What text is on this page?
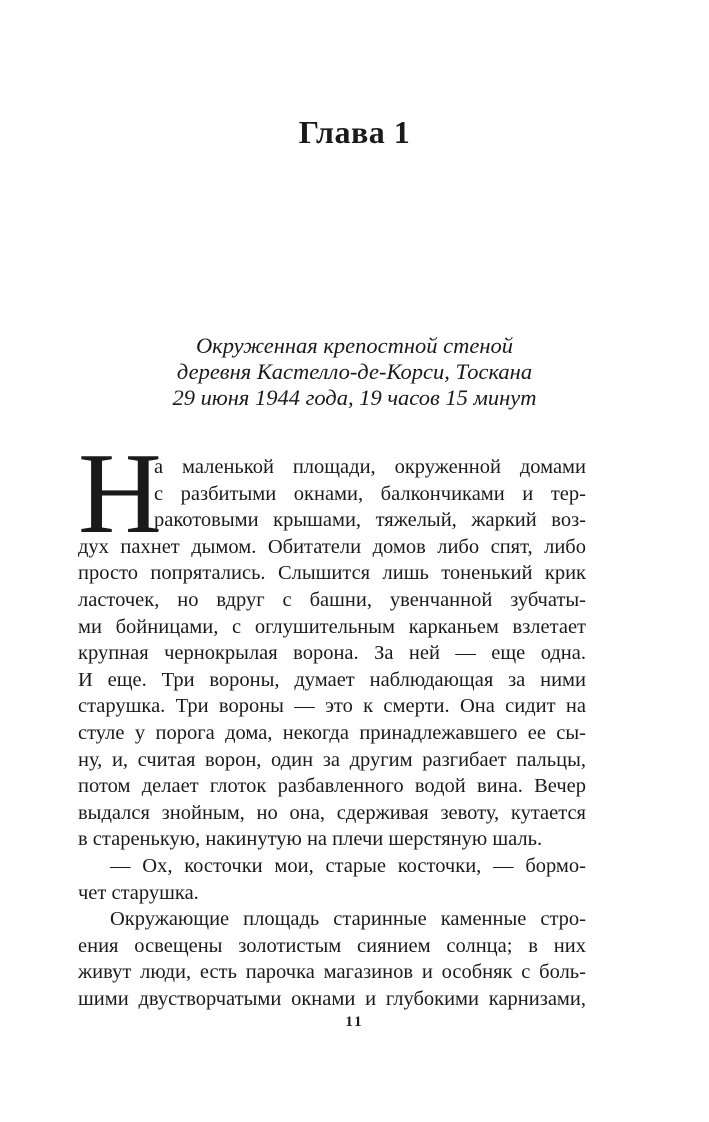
Глава 1
Окруженная крепостной стеной
деревня Кастелло-де-Корси, Тоскана
29 июня 1944 года, 19 часов 15 минут
Н
а маленькой площади, окруженной домами
с разбитыми окнами, балкончиками и тер-
ракотовыми крышами, тяжелый, жаркий воз-
дух пахнет дымом. Обитатели домов либо спят, либо
просто попрятались. Слышится лишь тоненький крик
ласточек, но вдруг с башни, увенчанной зубчаты-
ми бойницами, с оглушительным карканьем взлетает
крупная чернокрылая ворона. За ней — еще одна.
И еще. Три вороны, думает наблюдающая за ними
старушка. Три вороны — это к смерти. Она сидит на
стуле у порога дома, некогда принадлежавшего ее сы-
ну, и, считая ворон, один за другим разгибает пальцы,
потом делает глоток разбавленного водой вина. Вечер
выдался знойным, но она, сдерживая зевоту, кутается
в старенькую, накинутую на плечи шерстяную шаль.
— Ох, косточки мои, старые косточки, — бормо-
чет старушка.
Окружающие площадь старинные каменные стро-
ения освещены золотистым сиянием солнца; в них
живут люди, есть парочка магазинов и особняк с боль-
шими двустворчатыми окнами и глубокими карнизами,
11
